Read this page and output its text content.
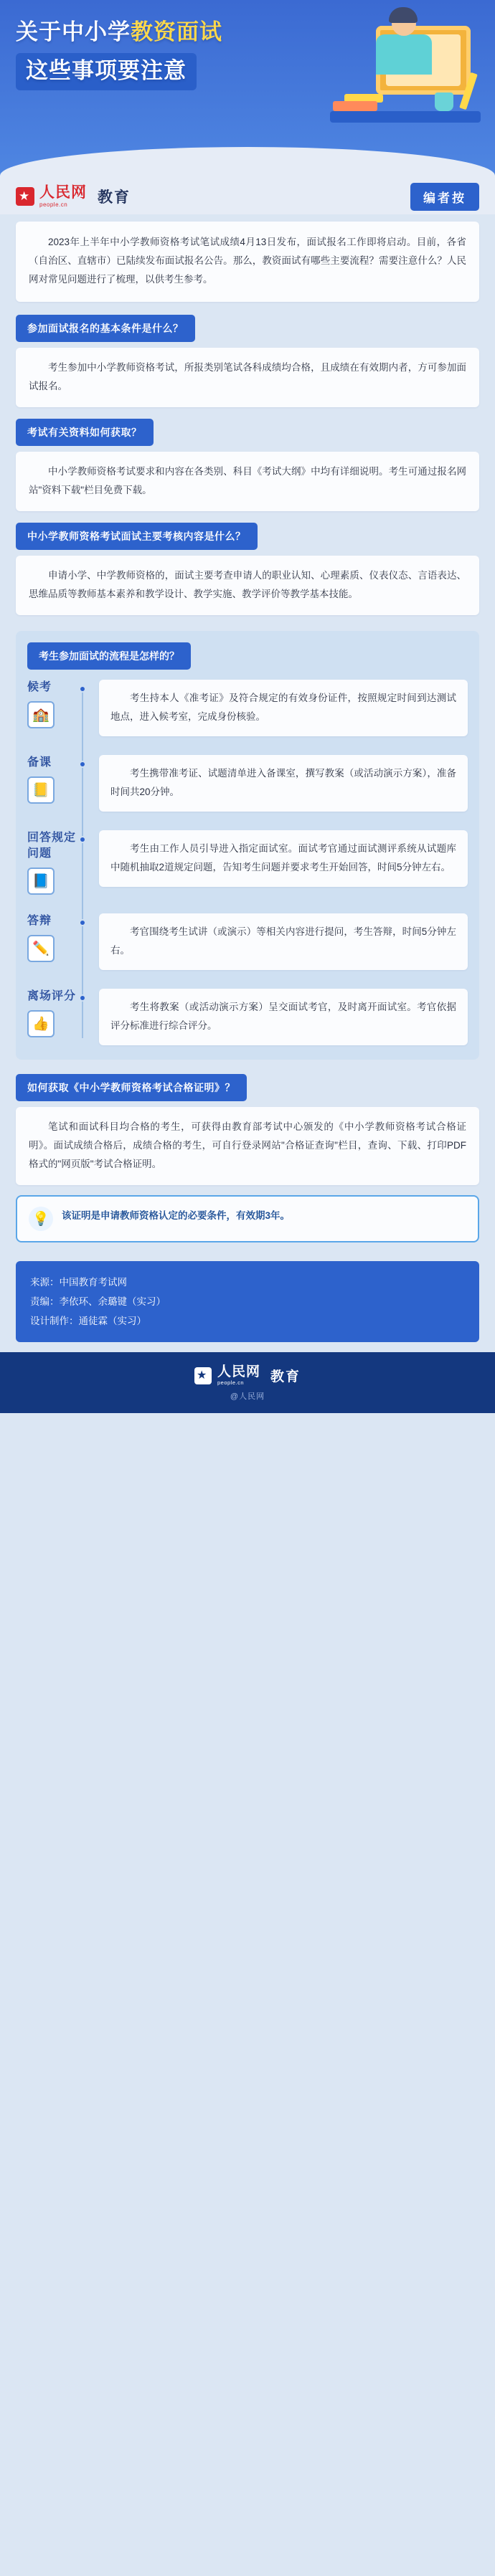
关于中小学教资面试
这些事项要注意
★
人民网
people.cn	教育	编者按
2023年上半年中小学教师资格考试笔试成绩4月13日发布，面试报名工作即将启动。目前，各省（自治区、直辖市）已陆续发布面试报名公告。那么，教资面试有哪些主要流程？需要注意什么？人民网对常见问题进行了梳理，以供考生参考。
参加面试报名的基本条件是什么？
考生参加中小学教师资格考试，所报类别笔试各科成绩均合格，且成绩在有效期内者，方可参加面试报名。
考试有关资料如何获取？
中小学教师资格考试要求和内容在各类别、科目《考试大纲》中均有详细说明。考生可通过报名网站"资料下载"栏目免费下载。
中小学教师资格考试面试主要考核内容是什么？
申请小学、中学教师资格的，面试主要考查申请人的职业认知、心理素质、仪表仪态、言语表达、思维品质等教师基本素养和教学设计、教学实施、教学评价等教学基本技能。
考生参加面试的流程是怎样的？
候考
🏫
考生持本人《准考证》及符合规定的有效身份证件，按照规定时间到达测试地点，进入候考室，完成身份核验。
备课
📒
考生携带准考证、试题清单进入备课室，撰写教案（或活动演示方案），准备时间共20分钟。
回答规定问题
📘
考生由工作人员引导进入指定面试室。面试考官通过面试测评系统从试题库中随机抽取2道规定问题，告知考生问题并要求考生开始回答，时间5分钟左右。
答辩
✏️
考官围绕考生试讲（或演示）等相关内容进行提问，考生答辩，时间5分钟左右。
离场评分
👍
考生将教案（或活动演示方案）呈交面试考官，及时离开面试室。考官依据评分标准进行综合评分。
如何获取《中小学教师资格考试合格证明》？
笔试和面试科目均合格的考生，可获得由教育部考试中心颁发的《中小学教师资格考试合格证明》。面试成绩合格后，成绩合格的考生，可自行登录网站"合格证查询"栏目，查询、下载、打印PDF格式的"网页版"考试合格证明。
💡	该证明是申请教师资格认定的必要条件，有效期3年。
来源：中国教育考试网
责编：李依环、余璐键（实习）
设计制作：通徒霖（实习）
★
人民网
people.cn	教育
@人民网
